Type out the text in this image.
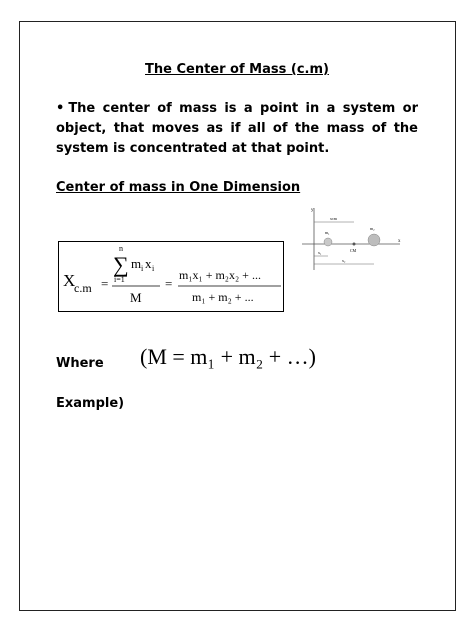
The Center of Mass (c.m)
• The center of mass is a point in a system or object, that moves as if all of the mass of the system is concentrated at that point.
Center of mass in One Dimension
X
c.m =
n
∑
i=1
m i x i
M
=
m₁x₁ + m₂x₂ + ...
m₁ + m₂ + ...
y
x
xcm
m₁
m₂
CM
x₁
x₂
Where (M = m₁ + m₂ + …)
Example)
